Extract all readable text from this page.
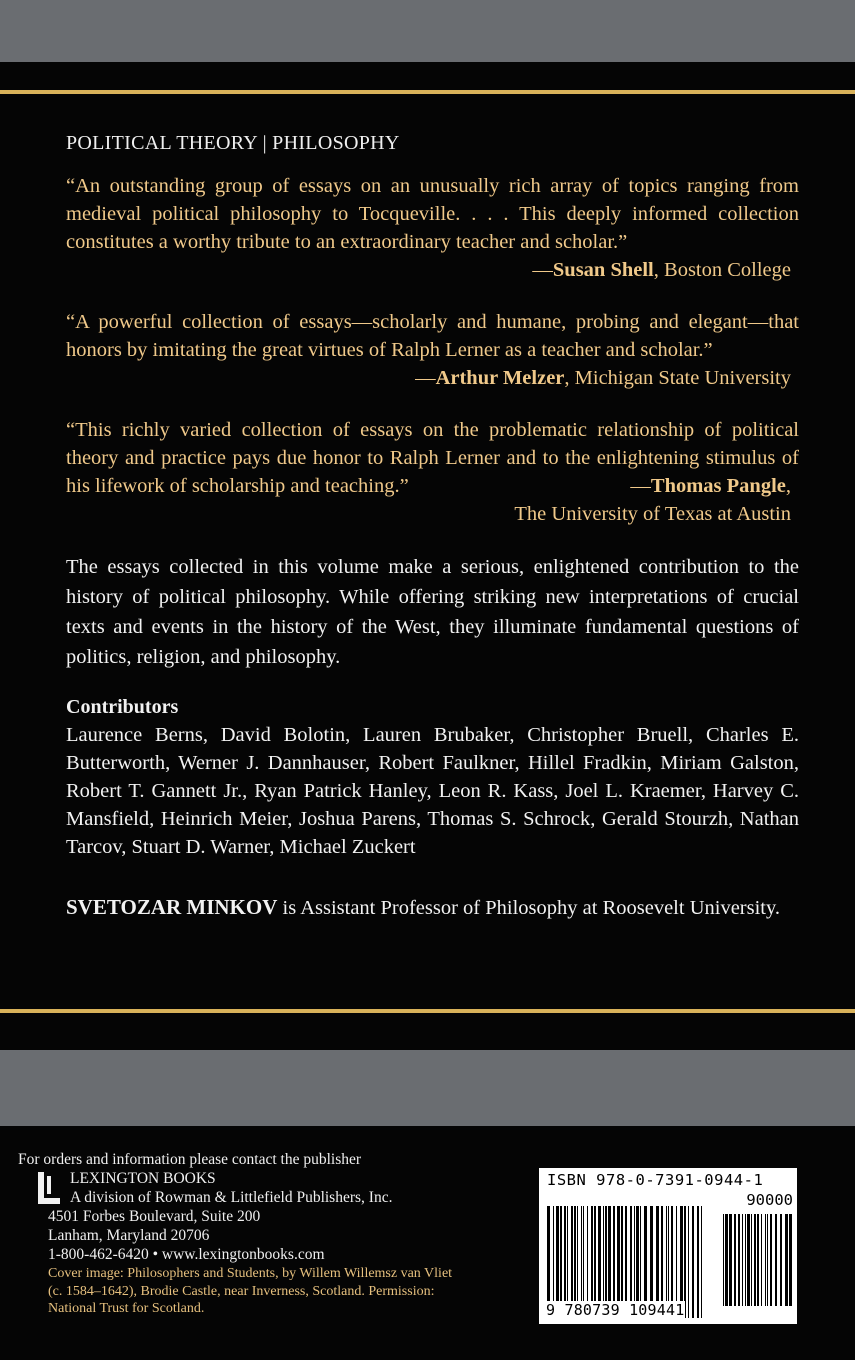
POLITICAL THEORY | PHILOSOPHY

“An outstanding group of essays on an unusually rich array of topics ranging from medieval political philosophy to Tocqueville. . . . This deeply informed collection constitutes a worthy tribute to an extraordinary teacher and scholar.”

—Susan Shell, Boston College

“A powerful collection of essays—scholarly and humane, probing and elegant—that honors by imitating the great virtues of Ralph Lerner as a teacher and scholar.”

—Arthur Melzer, Michigan State University

“This richly varied collection of essays on the problematic relationship of political theory and practice pays due honor to Ralph Lerner and to the enlightening stimulus of his lifework of scholarship and teaching.”	—Thomas Pangle,

The University of Texas at Austin

The essays collected in this volume make a serious, enlightened contribution to the history of political philosophy. While offering striking new interpretations of crucial texts and events in the history of the West, they illuminate fundamental questions of politics, religion, and philosophy.

Contributors

Laurence Berns, David Bolotin, Lauren Brubaker, Christopher Bruell, Charles E. Butterworth, Werner J. Dannhauser, Robert Faulkner, Hillel Fradkin, Miriam Galston, Robert T. Gannett Jr., Ryan Patrick Hanley, Leon R. Kass, Joel L. Kraemer, Harvey C. Mansfield, Heinrich Meier, Joshua Parens, Thomas S. Schrock, Gerald Stourzh, Nathan Tarcov, Stuart D. Warner, Michael Zuckert

SVETOZAR MINKOV is Assistant Professor of Philosophy at Roosevelt University.
For orders and information please contact the publisher
LEXINGTON BOOKS
A division of Rowman & Littlefield Publishers, Inc.
4501 Forbes Boulevard, Suite 200
Lanham, Maryland 20706
1-800-462-6420 • www.lexingtonbooks.com
Cover image: Philosophers and Students, by Willem Willemsz van Vliet
(c. 1584–1642), Brodie Castle, near Inverness, Scotland. Permission:
National Trust for Scotland.
ISBN 978-0-7391-0944-1
90000
9 780739 109441
